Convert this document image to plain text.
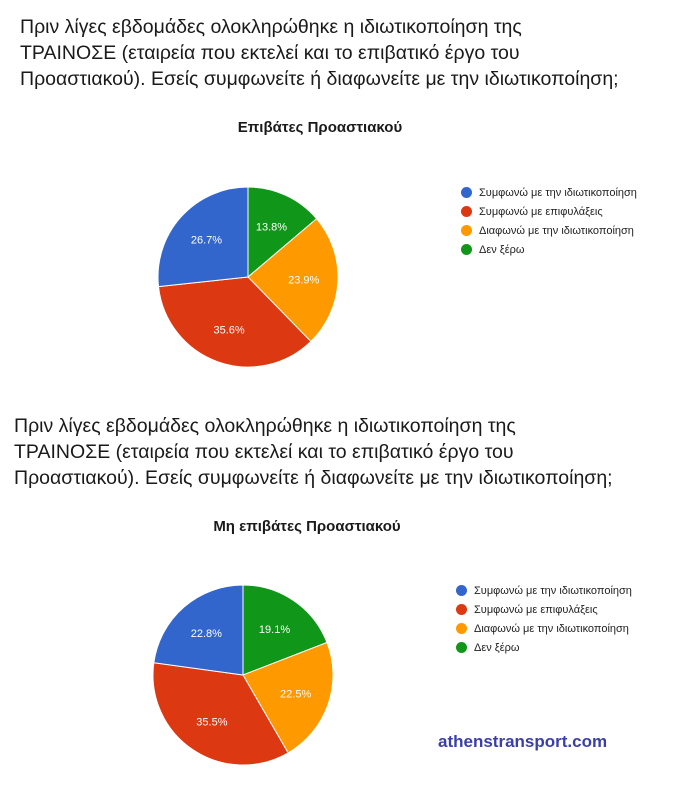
Πριν λίγες εβδομάδες ολοκληρώθηκε η ιδιωτικοποίηση της ΤΡΑΙΝΟΣΕ (εταιρεία που εκτελεί και το επιβατικό έργο του Προαστιακού). Εσείς συμφωνείτε ή διαφωνείτε με την ιδιωτικοποίηση;

Επιβάτες Προαστιακού
13.8%
23.9%
35.6%
26.7%
Συμφωνώ με την ιδιωτικοποίηση
Συμφωνώ με επιφυλάξεις
Διαφωνώ με την ιδιωτικοποίηση
Δεν ξέρω

Πριν λίγες εβδομάδες ολοκληρώθηκε η ιδιωτικοποίηση της ΤΡΑΙΝΟΣΕ (εταιρεία που εκτελεί και το επιβατικό έργο του Προαστιακού). Εσείς συμφωνείτε ή διαφωνείτε με την ιδιωτικοποίηση;

Μη επιβάτες Προαστιακού
19.1%
22.5%
35.5%
22.8%
Συμφωνώ με την ιδιωτικοποίηση
Συμφωνώ με επιφυλάξεις
Διαφωνώ με την ιδιωτικοποίηση
Δεν ξέρω
athenstransport.com
